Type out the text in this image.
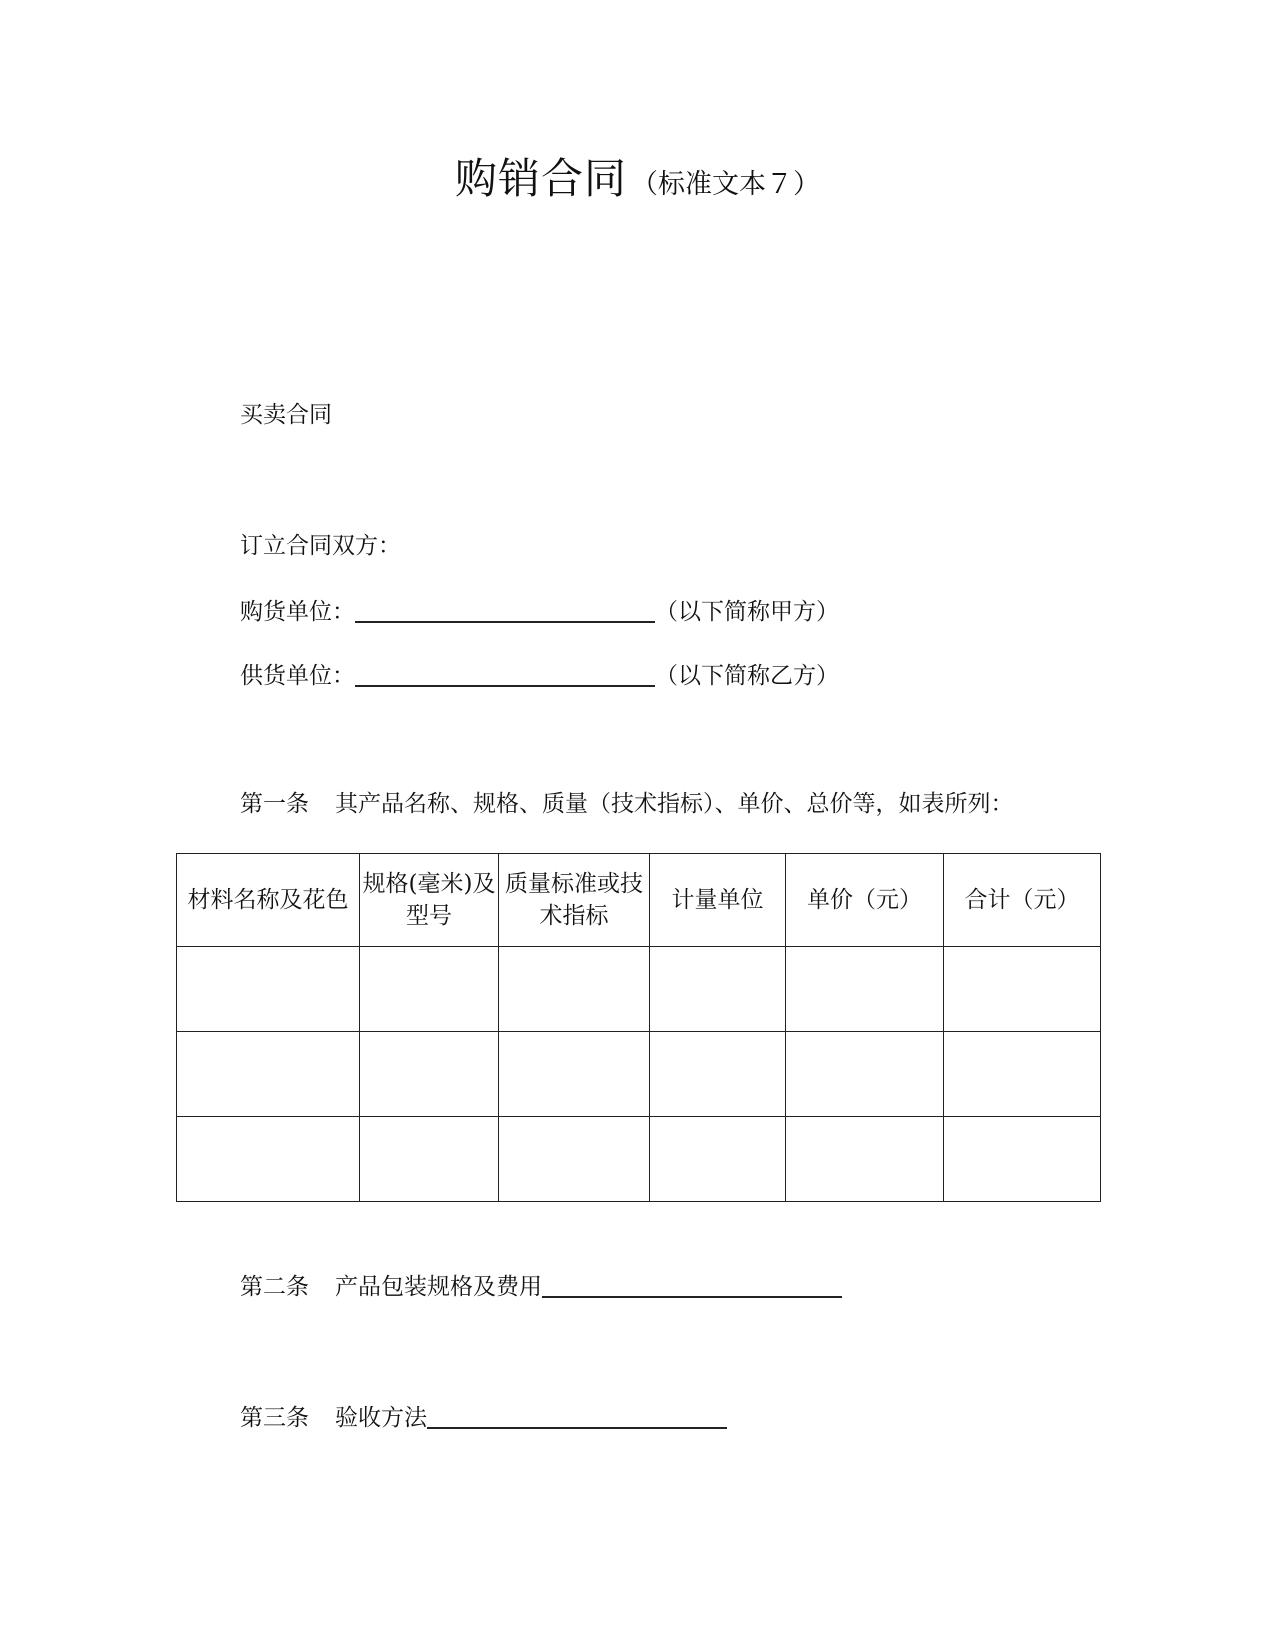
购销合同 （标准文本７）
买卖合同
订立合同双方：
购货单位：	（以下简称甲方）
供货单位：	（以下简称乙方）
第一条 其产品名称、规格、质量（技术指标）、单价、总价等，如表所列：
材料名称及花色	规格(毫米)及型号	质量标准或技术指标	计量单位	单价（元）	合计（元）

第二条 产品包装规格及费用
第三条 验收方法
